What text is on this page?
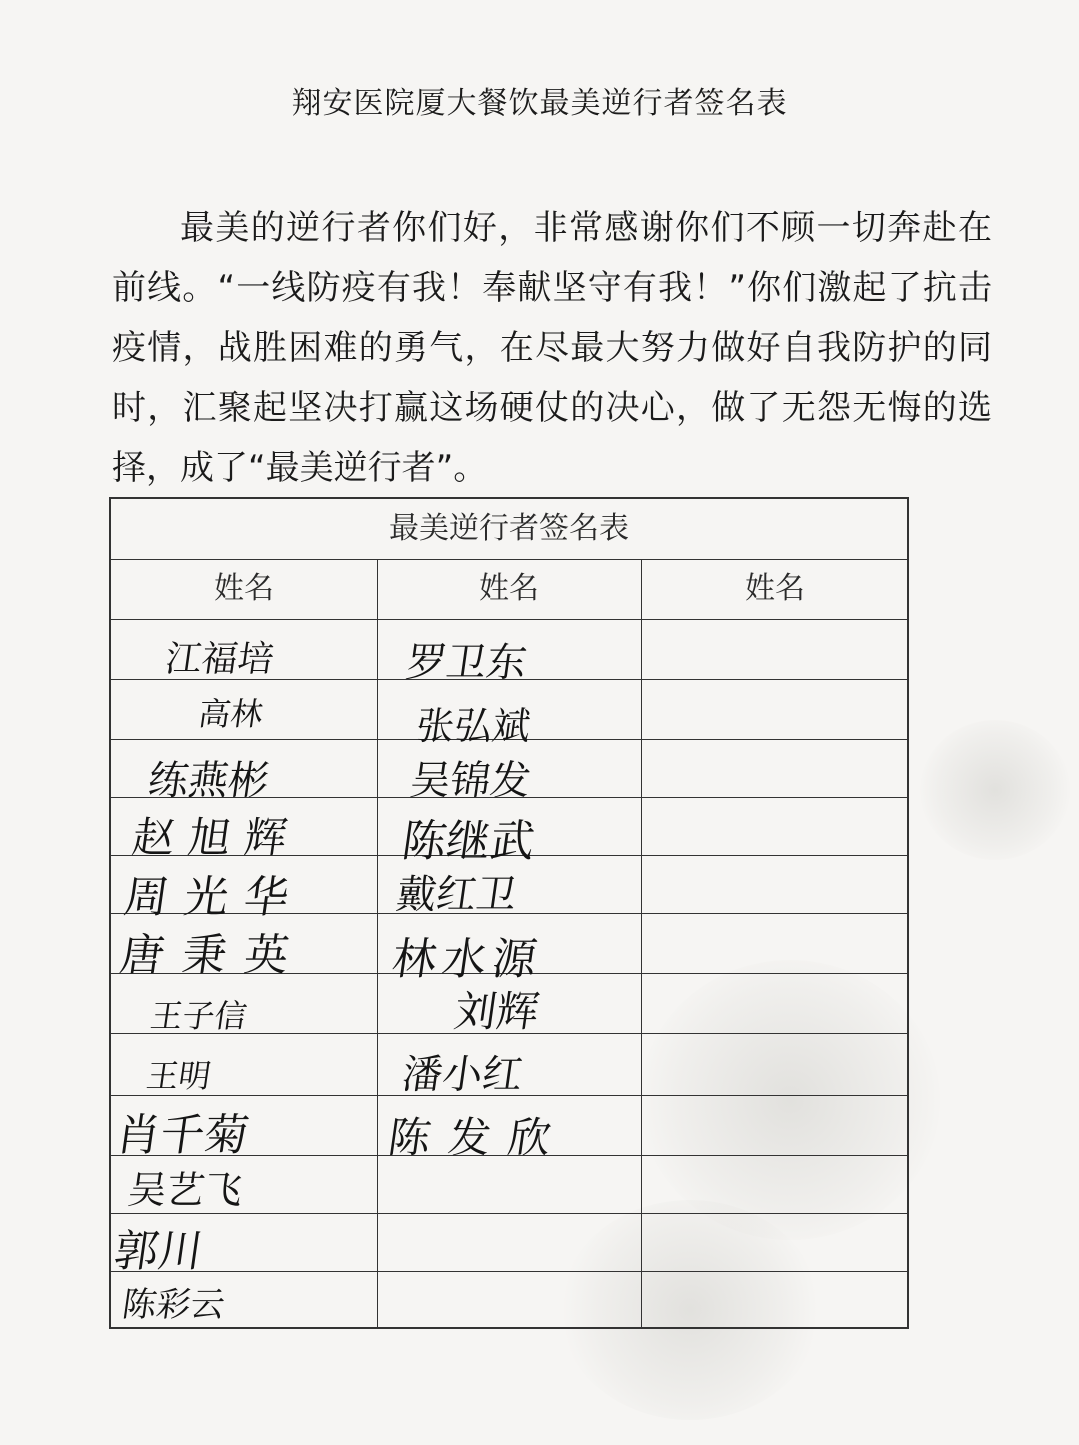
翔安医院厦大餐饮最美逆行者签名表
最美的逆行者你们好，非常感谢你们不顾一切奔赴在前线。“一线防疫有我！奉献坚守有我！”你们激起了抗击疫情，战胜困难的勇气，在尽最大努力做好自我防护的同时，汇聚起坚决打赢这场硬仗的决心，做了无怨无悔的选择，成了“最美逆行者”。
最美逆行者签名表
姓名	姓名	姓名
江福培
高林
练燕彬
赵旭辉
周光华
唐秉英
王子信
王明
肖千菊
吴艺飞
郭川
陈彩云
罗卫东
张弘斌
吴锦发
陈继武
戴红卫
林水源
刘辉
潘小红
陈发欣
